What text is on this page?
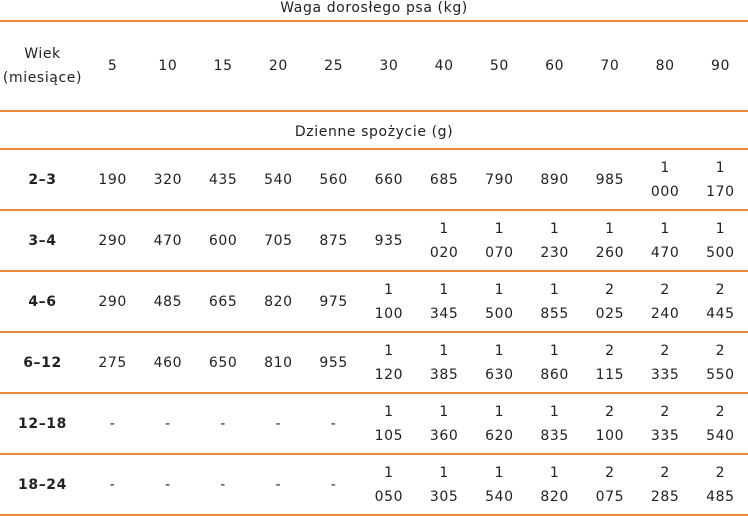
Waga dorosłego psa (kg)												

Wiek
(miesiące)	5	10	15	20	25	30	40	50	60	70	80	90
Dzienne spożycie (g)												
2–3	190	320	435	540	560	660	685	790	890	985	1 000	1 170
3–4	290	470	600	705	875	935	1 020	1 070	1 230	1 260	1 470	1 500
4–6	290	485	665	820	975	1 100	1 345	1 500	1 855	2 025	2 240	2 445
6–12	275	460	650	810	955	1 120	1 385	1 630	1 860	2 115	2 335	2 550
12–18	-	-	-	-	-	1 105	1 360	1 620	1 835	2 100	2 335	2 540
18–24	-	-	-	-	-	1 050	1 305	1 540	1 820	2 075	2 285	2 485
